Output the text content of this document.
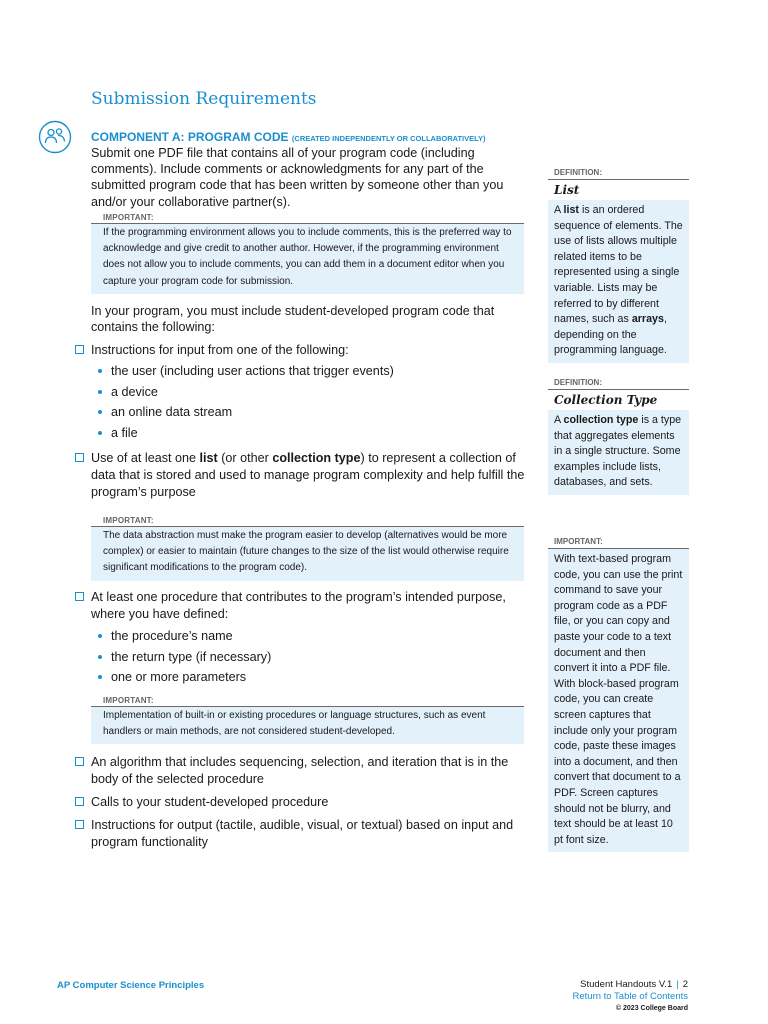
Submission Requirements
COMPONENT A: PROGRAM CODE (CREATED INDEPENDENTLY OR COLLABORATIVELY)
Submit one PDF file that contains all of your program code (including comments). Include comments or acknowledgments for any part of the submitted program code that has been written by someone other than you and/or your collaborative partner(s).
IMPORTANT:
If the programming environment allows you to include comments, this is the preferred way to acknowledge and give credit to another author. However, if the programming environment does not allow you to include comments, you can add them in a document editor when you capture your program code for submission.
In your program, you must include student-developed program code that contains the following:
Instructions for input from one of the following:
the user (including user actions that trigger events)
a device
an online data stream
a file
Use of at least one list (or other collection type) to represent a collection of data that is stored and used to manage program complexity and help fulfill the program’s purpose
IMPORTANT:
The data abstraction must make the program easier to develop (alternatives would be more complex) or easier to maintain (future changes to the size of the list would otherwise require significant modifications to the program code).
At least one procedure that contributes to the program’s intended purpose, where you have defined:
the procedure’s name
the return type (if necessary)
one or more parameters
IMPORTANT:
Implementation of built-in or existing procedures or language structures, such as event handlers or main methods, are not considered student-developed.
An algorithm that includes sequencing, selection, and iteration that is in the body of the selected procedure
Calls to your student-developed procedure
Instructions for output (tactile, audible, visual, or textual) based on input and program functionality
DEFINITION:
List
A list is an ordered sequence of elements. The use of lists allows multiple related items to be represented using a single variable. Lists may be referred to by different names, such as arrays, depending on the programming language.
DEFINITION:
Collection Type
A collection type is a type that aggregates elements in a single structure. Some examples include lists, databases, and sets.
IMPORTANT:
With text-based program code, you can use the print command to save your program code as a PDF file, or you can copy and paste your code to a text document and then convert it into a PDF file. With block-based program code, you can create screen captures that include only your program code, paste these images into a document, and then convert that document to a PDF. Screen captures should not be blurry, and text should be at least 10 pt font size.
AP Computer Science Principles	Student Handouts V.1 | 2
Return to Table of Contents
© 2023 College Board
